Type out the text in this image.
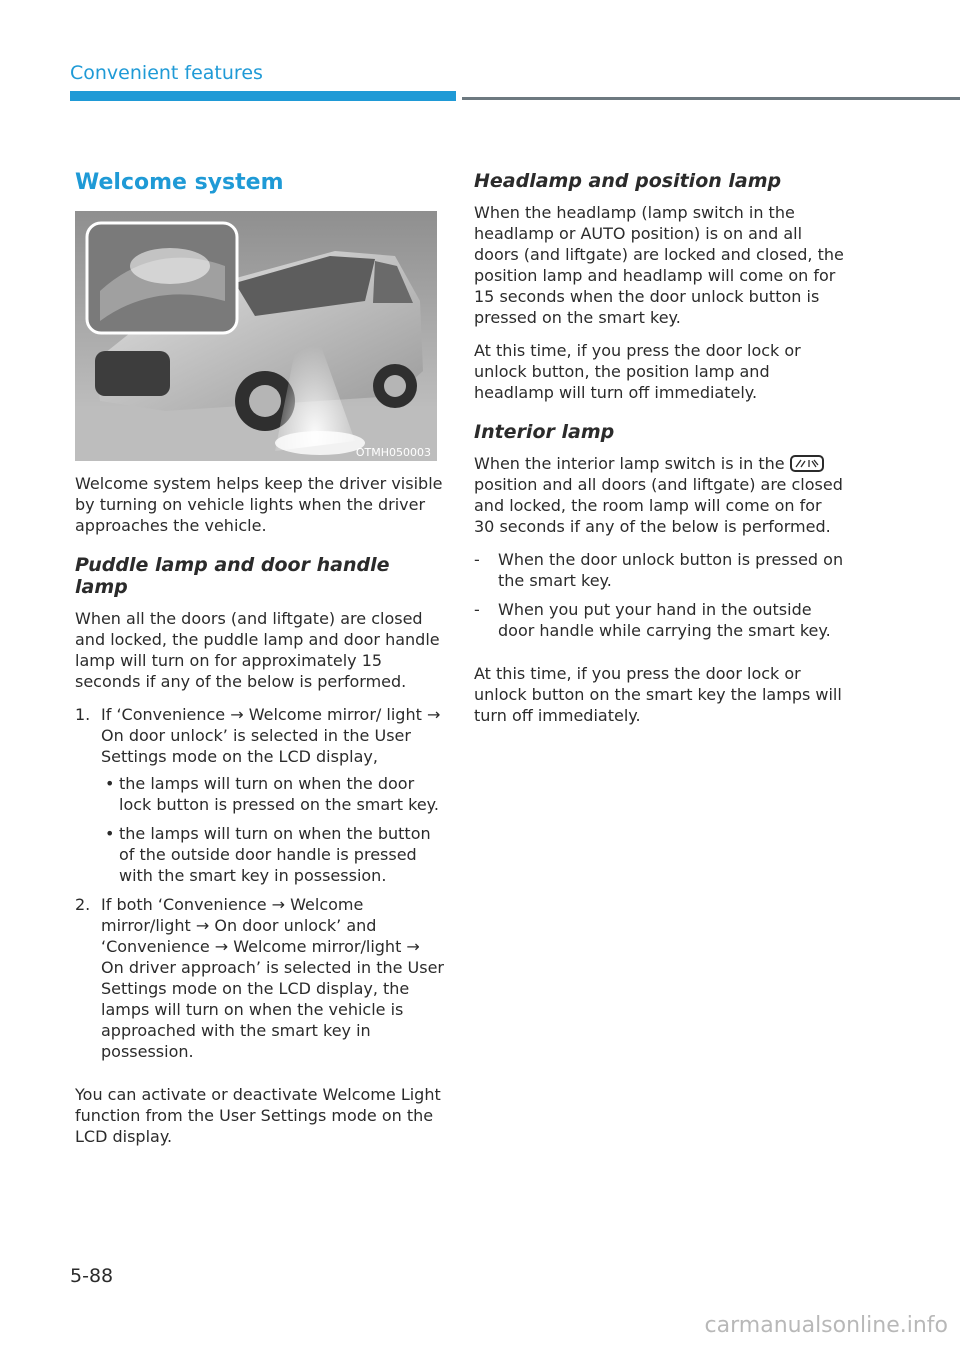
Convenient features
Welcome system
OTMH050003

Welcome system helps keep the driver visible by turning on vehicle lights when the driver approaches the vehicle.

Puddle lamp and door handle lamp

When all the doors (and liftgate) are closed and locked, the puddle lamp and door handle lamp will turn on for approximately 15 seconds if any of the below is performed.

1. If ‘Convenience → Welcome mirror/ light → On door unlock’ is selected in the User Settings mode on the LCD display,
• the lamps will turn on when the door lock button is pressed on the smart key.
• the lamps will turn on when the button of the outside door handle is pressed with the smart key in possession.
2. If both ‘Convenience → Welcome mirror/light → On door unlock’ and ‘Convenience → Welcome mirror/light → On driver approach’ is selected in the User Settings mode on the LCD display, the lamps will turn on when the vehicle is approached with the smart key in possession.

You can activate or deactivate Welcome Light function from the User Settings mode on the LCD display.

Headlamp and position lamp

When the headlamp (lamp switch in the headlamp or AUTO position) is on and all doors (and liftgate) are locked and closed, the position lamp and headlamp will come on for 15 seconds when the door unlock button is pressed on the smart key.

At this time, if you press the door lock or unlock button, the position lamp and headlamp will turn off immediately.

Interior lamp

When the interior lamp switch is in the
position and all doors (and liftgate) are closed and locked, the room lamp will come on for 30 seconds if any of the below is performed.

- When the door unlock button is pressed on the smart key.
- When you put your hand in the outside door handle while carrying the smart key.

At this time, if you press the door lock or unlock button on the smart key the lamps will turn off immediately.

5-88
carmanualsonline.info
